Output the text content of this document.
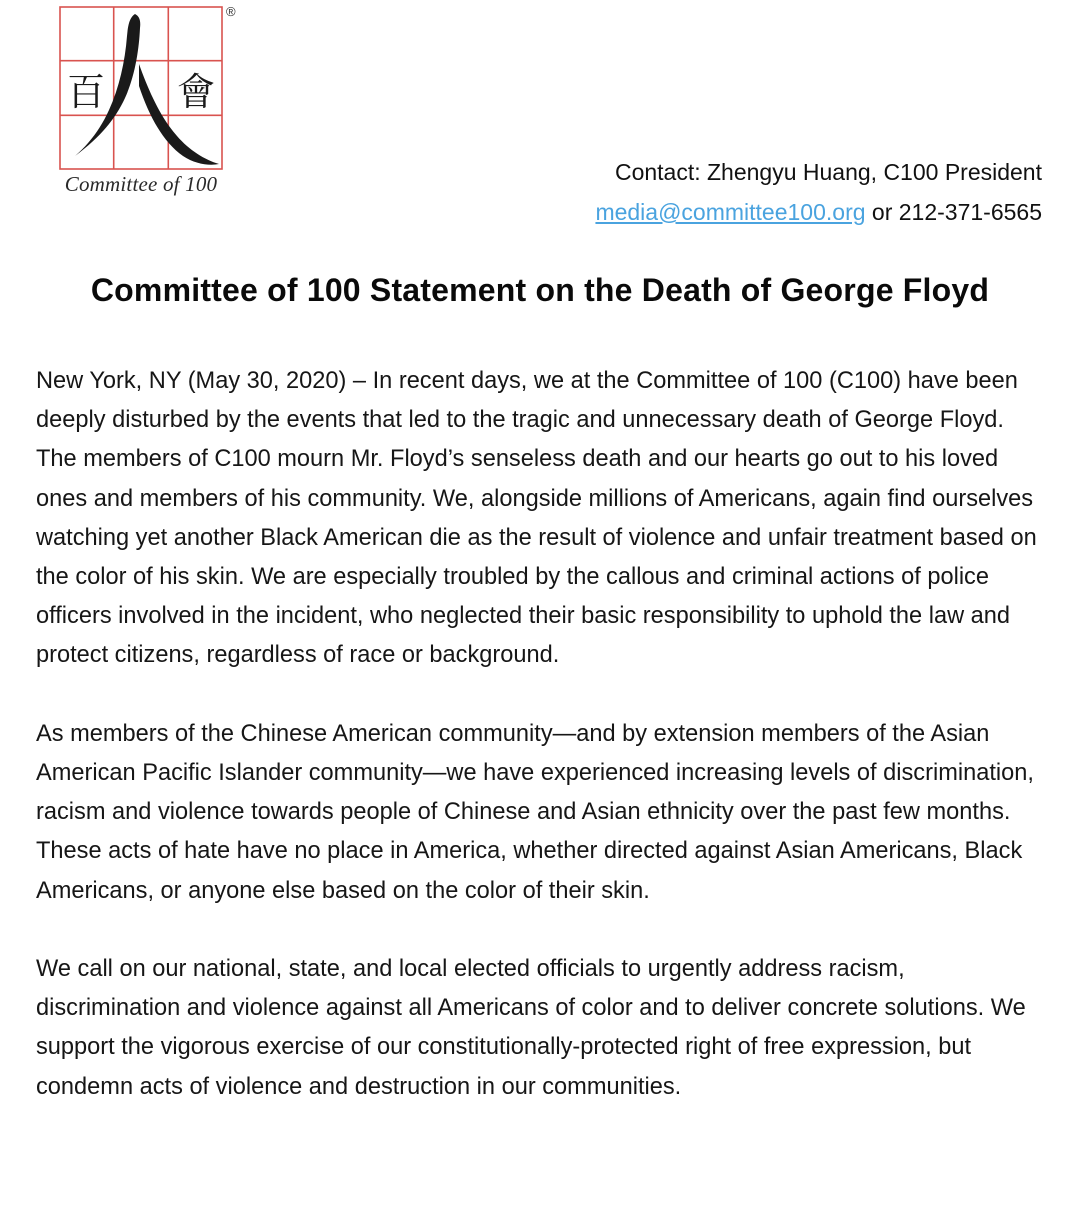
百
人
會
®
Committee of 100	Contact: Zhengyu Huang, C100 President
media@committee100.org or 212-371-6565
Committee of 100 Statement on the Death of George Floyd

New York, NY (May 30, 2020) – In recent days, we at the Committee of 100 (C100) have been deeply disturbed by the events that led to the tragic and unnecessary death of George Floyd. The members of C100 mourn Mr. Floyd’s senseless death and our hearts go out to his loved ones and members of his community. We, alongside millions of Americans, again find ourselves watching yet another Black American die as the result of violence and unfair treatment based on the color of his skin. We are especially troubled by the callous and criminal actions of police officers involved in the incident, who neglected their basic responsibility to uphold the law and protect citizens, regardless of race or background.

As members of the Chinese American community—and by extension members of the Asian American Pacific Islander community—we have experienced increasing levels of discrimination, racism and violence towards people of Chinese and Asian ethnicity over the past few months. These acts of hate have no place in America, whether directed against Asian Americans, Black Americans, or anyone else based on the color of their skin.

We call on our national, state, and local elected officials to urgently address racism, discrimination and violence against all Americans of color and to deliver concrete solutions. We support the vigorous exercise of our constitutionally-protected right of free expression, but condemn acts of violence and destruction in our communities.
